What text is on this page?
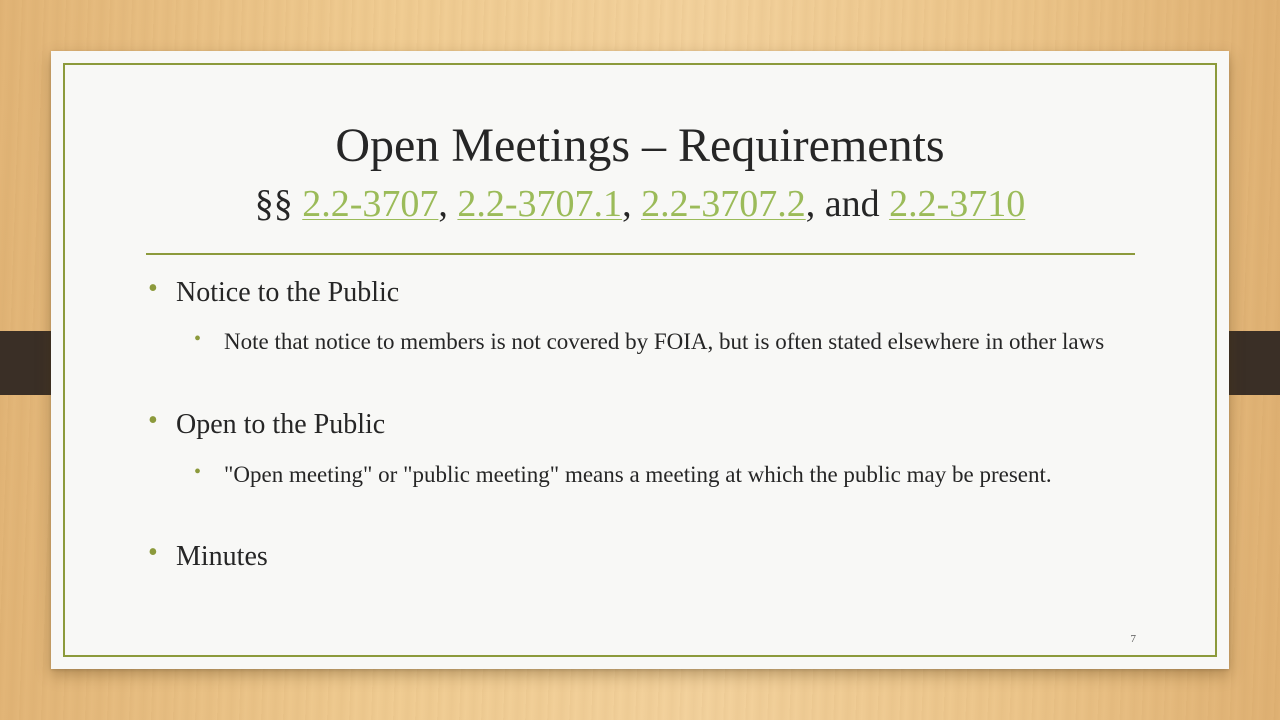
Open Meetings – Requirements
§§ 2.2-3707, 2.2-3707.1, 2.2-3707.2, and 2.2-3710
• Notice to the Public
• Note that notice to members is not covered by FOIA, but is often stated elsewhere in other laws
• Open to the Public
• "Open meeting" or "public meeting" means a meeting at which the public may be present.
• Minutes
7
